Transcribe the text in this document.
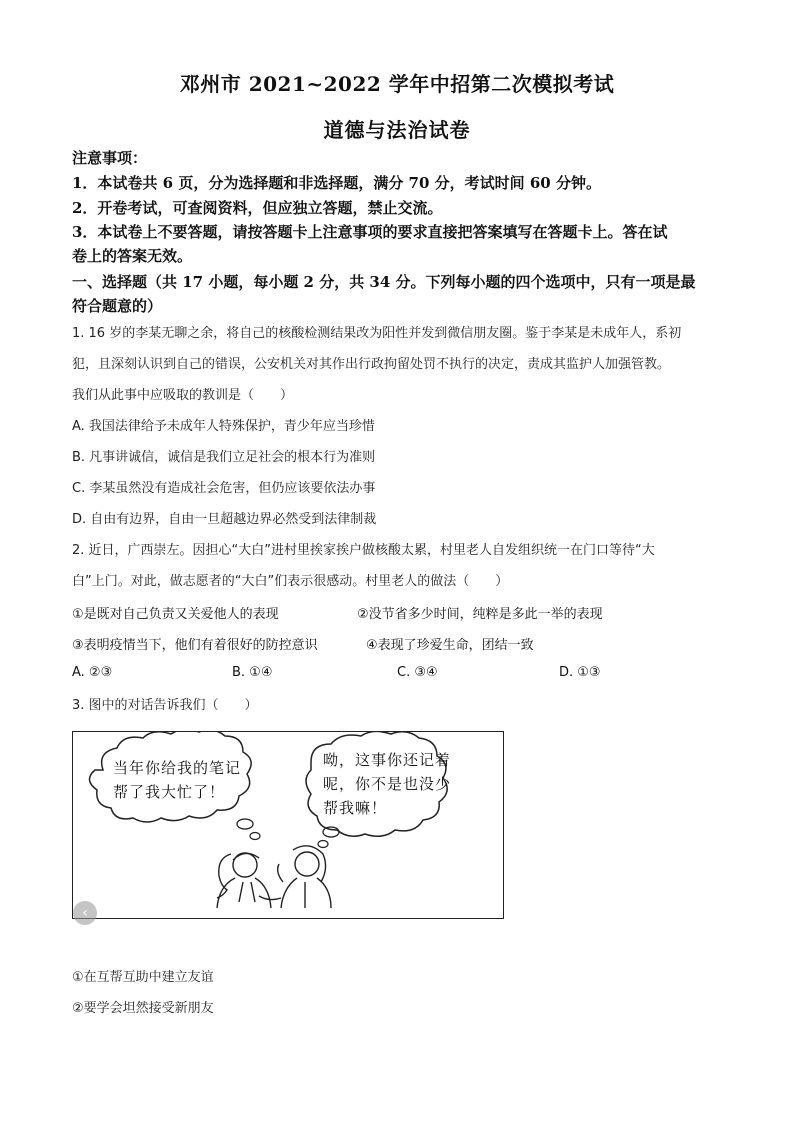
邓州市 2021~2022 学年中招第二次模拟考试
道德与法治试卷
注意事项：
1．本试卷共 6 页，分为选择题和非选择题，满分 70 分，考试时间 60 分钟。
2．开卷考试，可查阅资料，但应独立答题，禁止交流。
3．本试卷上不要答题，请按答题卡上注意事项的要求直接把答案填写在答题卡上。答在试
卷上的答案无效。
一、选择题（共 17 小题，每小题 2 分，共 34 分。下列每小题的四个选项中，只有一项是最
符合题意的）
1. 16 岁的李某无聊之余，将自己的核酸检测结果改为阳性并发到微信朋友圈。鉴于李某是未成年人，系初
犯，且深刻认识到自己的错误，公安机关对其作出行政拘留处罚不执行的决定，责成其监护人加强管教。
我们从此事中应吸取的教训是（　　）
A. 我国法律给予未成年人特殊保护，青少年应当珍惜
B. 凡事讲诚信，诚信是我们立足社会的根本行为准则
C. 李某虽然没有造成社会危害，但仍应该要依法办事
D. 自由有边界，自由一旦超越边界必然受到法律制裁
2. 近日，广西崇左。因担心“大白”进村里挨家挨户做核酸太累，村里老人自发组织统一在门口等待“大
白”上门。对此，做志愿者的“大白”们表示很感动。村里老人的做法（　　）
①是既对自己负责又关爱他人的表现	②没节省多少时间，纯粹是多此一举的表现
③表明疫情当下，他们有着很好的防控意识	④表现了珍爱生命，团结一致
A. ②③	B. ①④	C. ③④	D. ①③
3. 图中的对话告诉我们（　　）
当年你给我的笔记
帮了我大忙了！
呦，这事你还记着
呢，你不是也没少
帮我嘛！
‹
①在互帮互助中建立友谊
②要学会坦然接受新朋友
